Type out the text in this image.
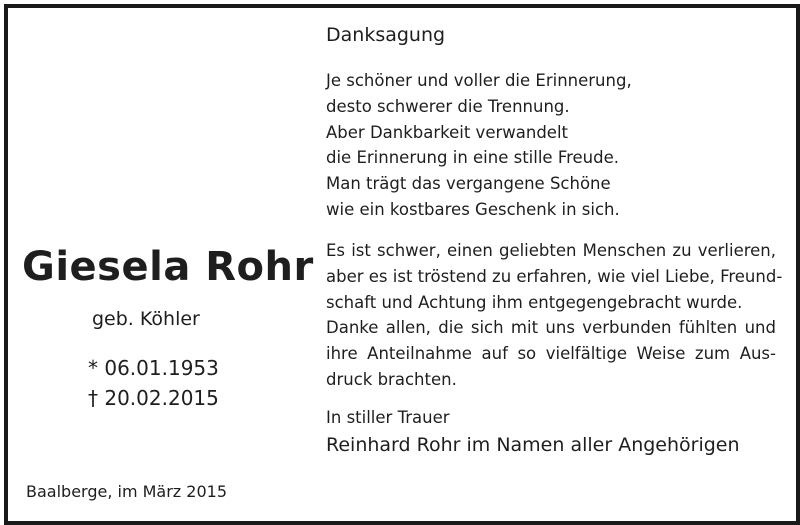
Giesela Rohr
geb. Köhler
* 06.01.1953
† 20.02.2015
Baalberge, im März 2015
Danksagung
Je schöner und voller die Erinnerung,
desto schwerer die Trennung.
Aber Dankbarkeit verwandelt
die Erinnerung in eine stille Freude.
Man trägt das vergangene Schöne
wie ein kostbares Geschenk in sich.
Es ist schwer, einen geliebten Menschen zu verlieren,
aber es ist tröstend zu erfahren, wie viel Liebe, Freund-
schaft und Achtung ihm entgegengebracht wurde.
Danke allen, die sich mit uns verbunden fühlten und
ihre Anteilnahme auf so vielfältige Weise zum Aus-
druck brachten.
In stiller Trauer
Reinhard Rohr im Namen aller Angehörigen
